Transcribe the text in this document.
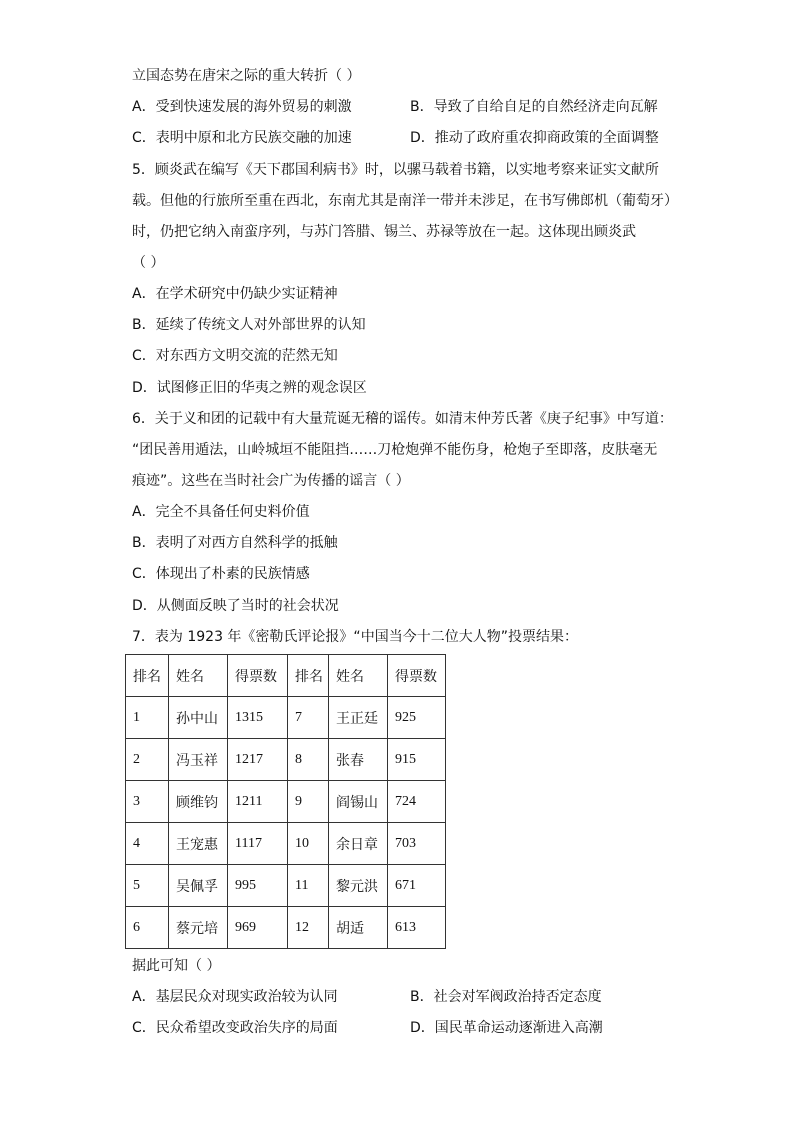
立国态势在唐宋之际的重大转折（ ）
A．受到快速发展的海外贸易的刺激	B．导致了自给自足的自然经济走向瓦解
C．表明中原和北方民族交融的加速	D．推动了政府重农抑商政策的全面调整
5．顾炎武在编写《天下郡国利病书》时，以骡马载着书籍，以实地考察来证实文献所
载。但他的行旅所至重在西北，东南尤其是南洋一带并未涉足，在书写佛郎机（葡萄牙）
时，仍把它纳入南蛮序列，与苏门答腊、锡兰、苏禄等放在一起。这体现出顾炎武
（ ）
A．在学术研究中仍缺少实证精神
B．延续了传统文人对外部世界的认知
C．对东西方文明交流的茫然无知
D．试图修正旧的华夷之辨的观念误区
6．关于义和团的记载中有大量荒诞无稽的谣传。如清末仲芳氏著《庚子纪事》中写道：
“团民善用遁法，山岭城垣不能阻挡……刀枪炮弹不能伤身，枪炮子至即落，皮肤毫无
痕迹”。这些在当时社会广为传播的谣言（ ）
A．完全不具备任何史料价值
B．表明了对西方自然科学的抵触
C．体现出了朴素的民族情感
D．从侧面反映了当时的社会状况
7．表为 1923 年《密勒氏评论报》“中国当今十二位大人物”投票结果：
排名	姓名	得票数	排名	姓名	得票数
1	孙中山	1315	7	王正廷	925
2	冯玉祥	1217	8	张春	915
3	顾维钧	1211	9	阎锡山	724
4	王宠惠	1117	10	余日章	703
5	吴佩孚	995	11	黎元洪	671
6	蔡元培	969	12	胡适	613
据此可知（ ）
A．基层民众对现实政治较为认同	B．社会对军阀政治持否定态度
C．民众希望改变政治失序的局面	D．国民革命运动逐渐进入高潮
